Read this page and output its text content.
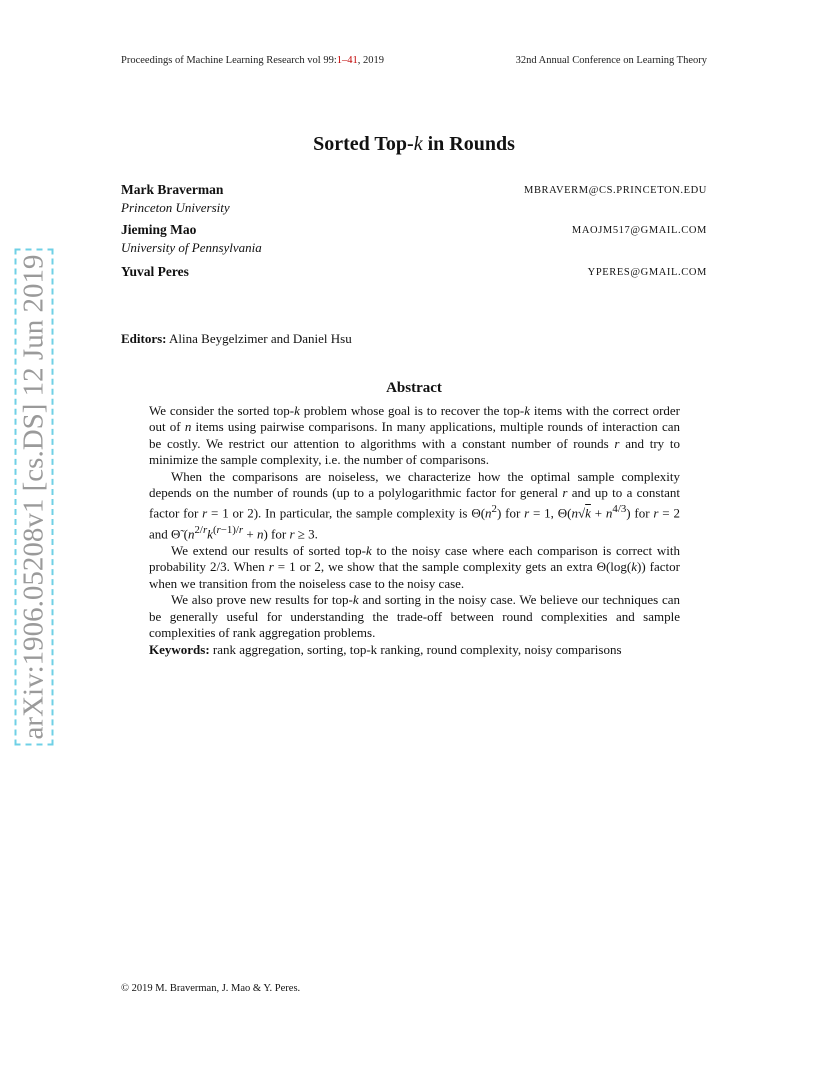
Proceedings of Machine Learning Research vol 99:1–41, 2019	32nd Annual Conference on Learning Theory
Sorted Top-k in Rounds
Mark Braverman
Princeton University
MBRAVERM@CS.PRINCETON.EDU
Jieming Mao
University of Pennsylvania
MAOJM517@GMAIL.COM
Yuval Peres	YPERES@GMAIL.COM
Editors: Alina Beygelzimer and Daniel Hsu
Abstract

We consider the sorted top-k problem whose goal is to recover the top-k items with the correct order out of n items using pairwise comparisons. In many applications, multiple rounds of interaction can be costly. We restrict our attention to algorithms with a constant number of rounds r and try to minimize the sample complexity, i.e. the number of comparisons.

When the comparisons are noiseless, we characterize how the optimal sample complexity depends on the number of rounds (up to a polylogarithmic factor for general r and up to a constant factor for r = 1 or 2). In particular, the sample complexity is $\Theta(n^2)$ for r = 1, $\Theta(n√k + n^{4/3})$ for r = 2 and Θ̃ $(n^{2/r}k^{(r-1)/r} + n)$ for r ≥ 3.

We extend our results of sorted top-k to the noisy case where each comparison is correct with probability 2/3. When r = 1 or 2, we show that the sample complexity gets an extra Θ(log(k)) factor when we transition from the noiseless case to the noisy case.

We also prove new results for top-k and sorting in the noisy case. We believe our techniques can be generally useful for understanding the trade-off between round complexities and sample complexities of rank aggregation problems.

Keywords: rank aggregation, sorting, top-k ranking, round complexity, noisy comparisons

© 2019 M. Braverman, J. Mao & Y. Peres.
arXiv:1906.05208v1 [cs.DS] 12 Jun 2019
